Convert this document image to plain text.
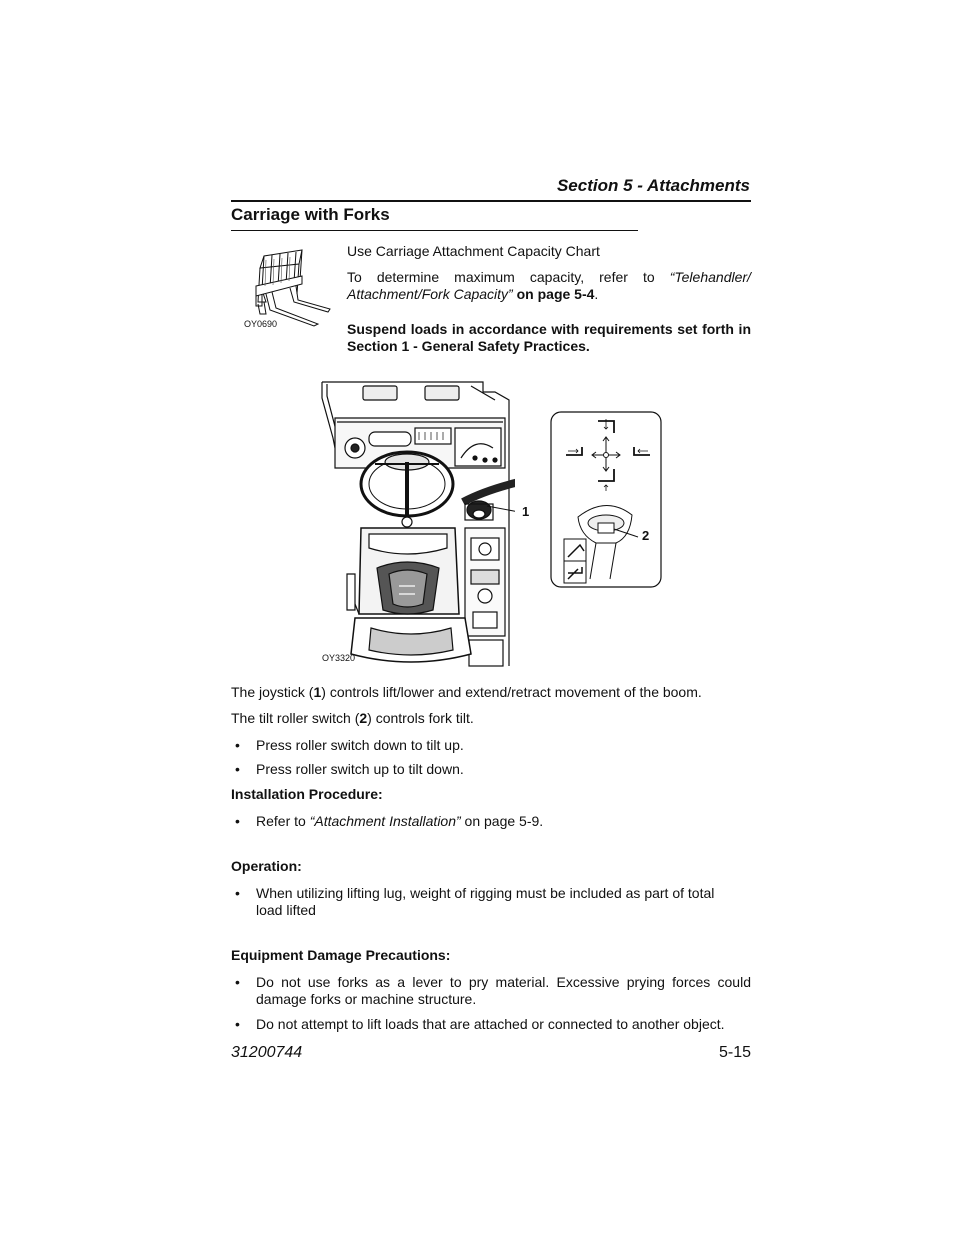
Section 5 - Attachments
Carriage with Forks
OY0690
Use Carriage Attachment Capacity Chart
To determine maximum capacity, refer to “Telehandler/
Attachment/Fork Capacity” on page 5-4.
Suspend loads in accordance with requirements set forth in
Section 1 - General Safety Practices.
1
OY3320
2
The joystick (1) controls lift/lower and extend/retract movement of the boom.
The tilt roller switch (2) controls fork tilt.
• Press roller switch down to tilt up.
• Press roller switch up to tilt down.
Installation Procedure:
• Refer to “Attachment Installation” on page 5-9.
Operation:
• When utilizing lifting lug, weight of rigging must be included as part of total
load lifted
Equipment Damage Precautions:
• Do not use forks as a lever to pry material. Excessive prying forces could
damage forks or machine structure.
• Do not attempt to lift loads that are attached or connected to another object.
31200744	5-15
